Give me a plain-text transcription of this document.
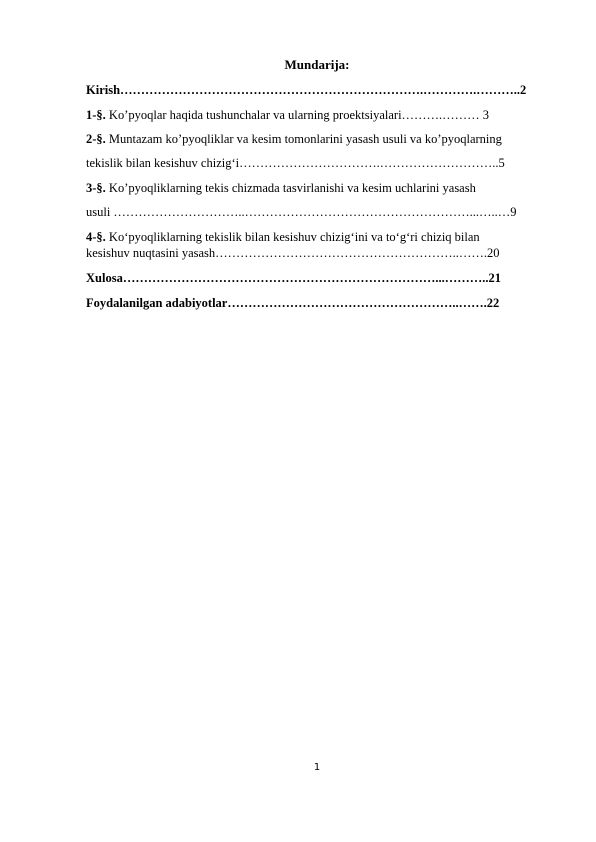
Mundarija:
Kirish……………………………………………………………….………….………..2
1-§. Ko’pyoqlar haqida tushunchalar va ularning proektsiyalari……….……… 3
2-§. Muntazam ko’pyoqliklar va kesim tomonlarini yasash usuli va ko’pyoqlarning
tekislik bilan kesishuv chizig‘i…………………………….………………………..5
3-§. Ko’pyoqliklarning tekis chizmada tasvirlanishi va kesim uchlarini yasash
usuli …………………………..………………………………………………...…..…9
4-§. Ko‘pyoqliklarning tekislik bilan kesishuv chizig‘ini va to‘g‘ri chiziq bilan
kesishuv nuqtasini yasash…………………………………………………..…….20
Xulosa…………………………………………………………………...………..21
Foydalanilgan adabiyotlar………………………………………………..…….22
1
